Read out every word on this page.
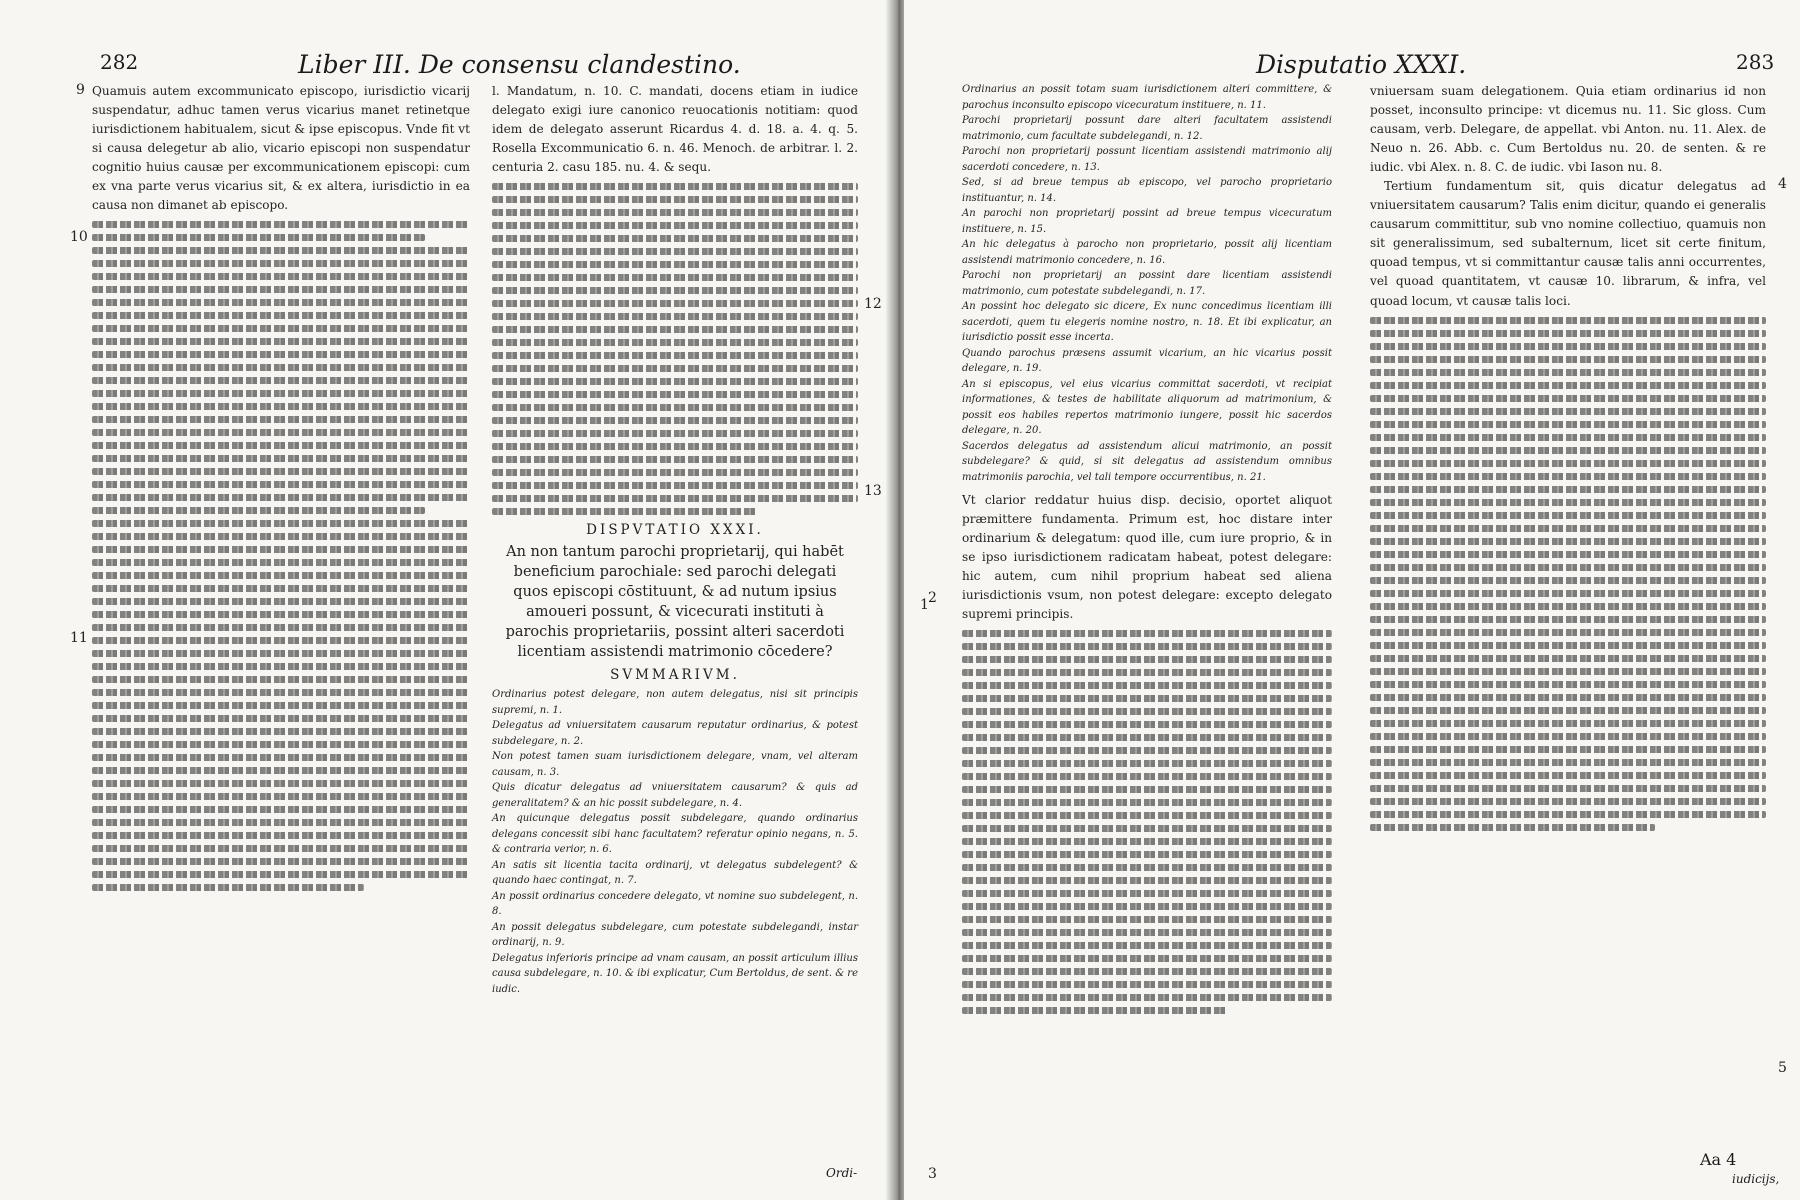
282	Liber III. De consensu clandestino.
9
10
11
12
13

Quamuis autem excommunicato episcopo, iurisdictio vicarij suspendatur, adhuc tamen verus vicarius manet retinetque iurisdictionem habitualem, sicut & ipse episcopus. Vnde fit vt si causa delegetur ab alio, vicario episcopi non suspendatur cognitio huius causæ per excommunicationem episcopi: cum ex vna parte verus vicarius sit, & ex altera, iurisdictio in ea causa non dimanet ab episcopo.

l. Mandatum, n. 10. C. mandati, docens etiam in iudice delegato exigi iure canonico reuocationis notitiam: quod idem de delegato asserunt Ricardus 4. d. 18. a. 4. q. 5. Rosella Excommunicatio 6. n. 46. Menoch. de arbitrar. l. 2. centuria 2. casu 185. nu. 4. & sequ.

DISPVTATIO XXXI.
An non tantum parochi proprietarij, qui habēt beneficium parochiale: sed parochi delegati quos episcopi cōstituunt, & ad nutum ipsius amoueri possunt, & vicecurati instituti à parochis proprietariis, possint alteri sacerdoti licentiam assistendi matrimonio cōcedere?
SVMMARIVM.
Ordinarius potest delegare, non autem delegatus, nisi sit principis supremi, n. 1.
Delegatus ad vniuersitatem causarum reputatur ordinarius, & potest subdelegare, n. 2.
Non potest tamen suam iurisdictionem delegare, vnam, vel alteram causam, n. 3.
Quis dicatur delegatus ad vniuersitatem causarum? & quis ad generalitatem? & an hic possit subdelegare, n. 4.
An quicunque delegatus possit subdelegare, quando ordinarius delegans concessit sibi hanc facultatem? referatur opinio negans, n. 5. & contraria verior, n. 6.
An satis sit licentia tacita ordinarij, vt delegatus subdelegent? & quando haec contingat, n. 7.
An possit ordinarius concedere delegato, vt nomine suo subdelegent, n. 8.
An possit delegatus subdelegare, cum potestate subdelegandi, instar ordinarij, n. 9.
Delegatus inferioris principe ad vnam causam, an possit articulum illius causa subdelegare, n. 10. & ibi explicatur, Cum Bertoldus, de sent. & re iudic.
Ordi-
Disputatio XXXI.	283
1 2
3
4
5
Ordinarius an possit totam suam iurisdictionem alteri committere, & parochus inconsulto episcopo vicecuratum instituere, n. 11.
Parochi proprietarij possunt dare alteri facultatem assistendi matrimonio, cum facultate subdelegandi, n. 12.
Parochi non proprietarij possunt licentiam assistendi matrimonio alij sacerdoti concedere, n. 13.
Sed, si ad breue tempus ab episcopo, vel parocho proprietario instituantur, n. 14.
An parochi non proprietarij possint ad breue tempus vicecuratum instituere, n. 15.
An hic delegatus à parocho non proprietario, possit alij licentiam assistendi matrimonio concedere, n. 16.
Parochi non proprietarij an possint dare licentiam assistendi matrimonio, cum potestate subdelegandi, n. 17.
An possint hoc delegato sic dicere, Ex nunc concedimus licentiam illi sacerdoti, quem tu elegeris nomine nostro, n. 18. Et ibi explicatur, an iurisdictio possit esse incerta.
Quando parochus præsens assumit vicarium, an hic vicarius possit delegare, n. 19.
An si episcopus, vel eius vicarius committat sacerdoti, vt recipiat informationes, & testes de habilitate aliquorum ad matrimonium, & possit eos habiles repertos matrimonio iungere, possit hic sacerdos delegare, n. 20.
Sacerdos delegatus ad assistendum alicui matrimonio, an possit subdelegare? & quid, si sit delegatus ad assistendum omnibus matrimoniis parochia, vel tali tempore occurrentibus, n. 21.

Vt clarior reddatur huius disp. decisio, oportet aliquot præmittere fundamenta. Primum est, hoc distare inter ordinarium & delegatum: quod ille, cum iure proprio, & in se ipso iurisdictionem radicatam habeat, potest delegare: hic autem, cum nihil proprium habeat sed aliena iurisdictionis vsum, non potest delegare: excepto delegato supremi principis.

vniuersam suam delegationem. Quia etiam ordinarius id non posset, inconsulto principe: vt dicemus nu. 11. Sic gloss. Cum causam, verb. Delegare, de appellat. vbi Anton. nu. 11. Alex. de Neuo n. 26. Abb. c. Cum Bertoldus nu. 20. de senten. & re iudic. vbi Alex. n. 8. C. de iudic. vbi Iason nu. 8.

Tertium fundamentum sit, quis dicatur delegatus ad vniuersitatem causarum? Talis enim dicitur, quando ei generalis causarum committitur, sub vno nomine collectiuo, quamuis non sit generalissimum, sed subalternum, licet sit certe finitum, quoad tempus, vt si committantur causæ talis anni occurrentes, vel quoad quantitatem, vt causæ 10. librarum, & infra, vel quoad locum, vt causæ talis loci.

Aa 4
iudicijs,
